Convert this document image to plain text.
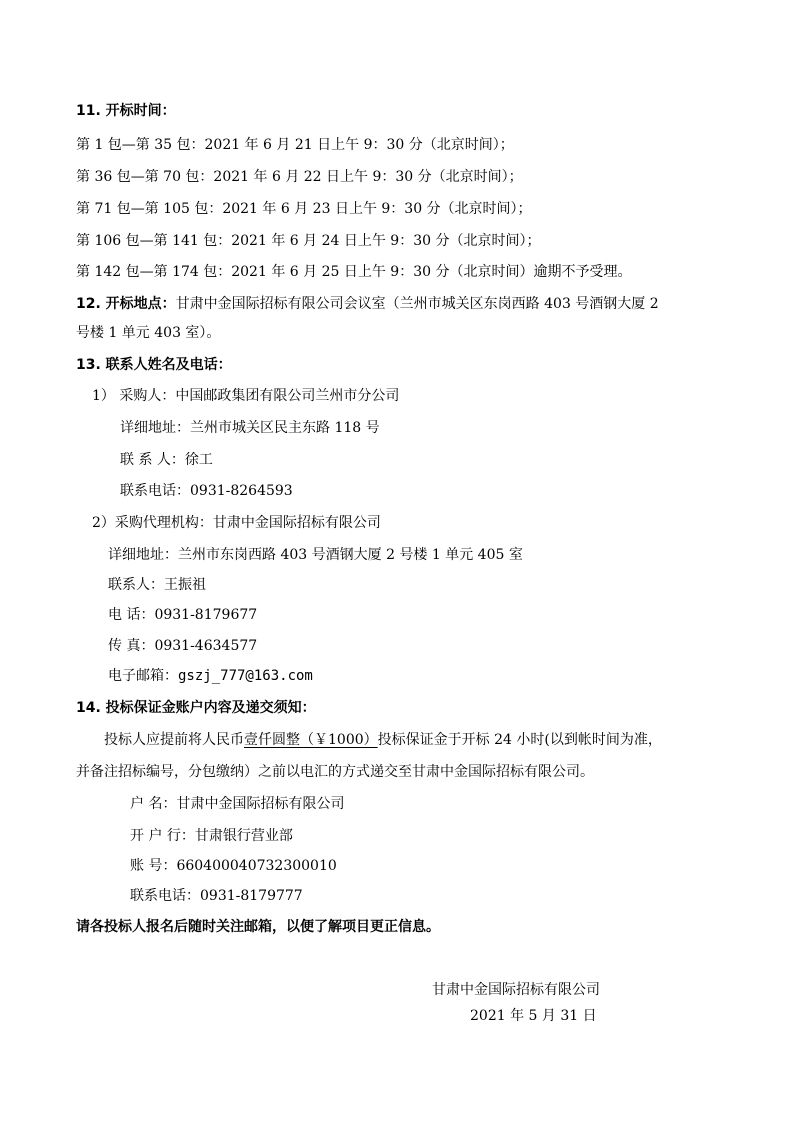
11. 开标时间：
第 1 包—第 35 包：2021 年 6 月 21 日上午 9：30 分（北京时间）；
第 36 包—第 70 包：2021 年 6 月 22 日上午 9：30 分（北京时间）；
第 71 包—第 105 包：2021 年 6 月 23 日上午 9：30 分（北京时间）；
第 106 包—第 141 包：2021 年 6 月 24 日上午 9：30 分（北京时间）；
第 142 包—第 174 包：2021 年 6 月 25 日上午 9：30 分（北京时间）逾期不予受理。
12. 开标地点：甘肃中金国际招标有限公司会议室（兰州市城关区东岗西路 403 号酒钢大厦 2
号楼 1 单元 403 室）。
13. 联系人姓名及电话：
1） 采购人：中国邮政集团有限公司兰州市分公司
详细地址：兰州市城关区民主东路 118 号
联 系 人：徐工
联系电话：0931-8264593
2）采购代理机构：甘肃中金国际招标有限公司
详细地址：兰州市东岗西路 403 号酒钢大厦 2 号楼 1 单元 405 室
联系人：王振祖
电 话：0931-8179677
传 真：0931-4634577
电子邮箱：gszj_777@163.com
14. 投标保证金账户内容及递交须知：
投标人应提前将人民币壹仟圆整（￥1000）投标保证金于开标 24 小时(以到帐时间为准，
并备注招标编号，分包缴纳）之前以电汇的方式递交至甘肃中金国际招标有限公司。
户 名：甘肃中金国际招标有限公司
开 户 行：甘肃银行营业部
账 号：660400040732300010
联系电话：0931-8179777
请各投标人报名后随时关注邮箱，以便了解项目更正信息。
甘肃中金国际招标有限公司
2021 年 5 月 31 日
